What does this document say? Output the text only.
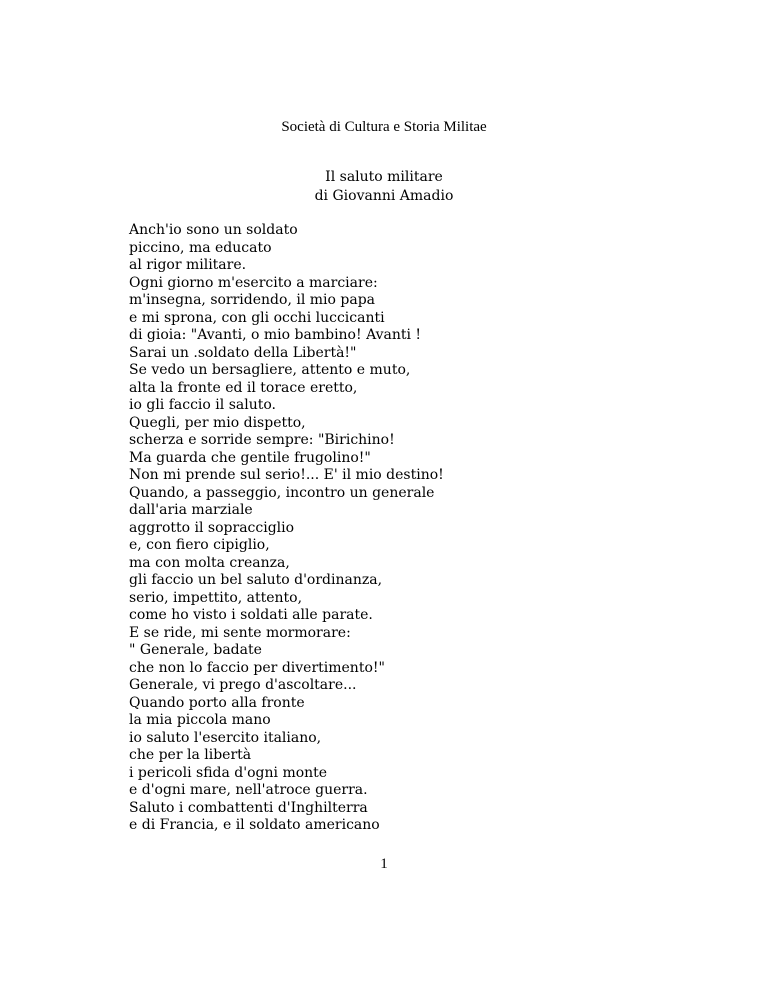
Società di Cultura e Storia Militae
Il saluto militare
di Giovanni Amadio
Anch'io sono un soldato
piccino, ma educato
al rigor militare.
Ogni giorno m'esercito a marciare:
m'insegna, sorridendo, il mio papa
e mi sprona, con gli occhi luccicanti
di gioia: "Avanti, o mio bambino! Avanti !
Sarai un .soldato della Libertà!"
Se vedo un bersagliere, attento e muto,
alta la fronte ed il torace eretto,
io gli faccio il saluto.
Quegli, per mio dispetto,
scherza e sorride sempre: "Birichino!
Ma guarda che gentile frugolino!"
Non mi prende sul serio!... E' il mio destino!
Quando, a passeggio, incontro un generale
dall'aria marziale
aggrotto il sopracciglio
e, con fiero cipiglio,
ma con molta creanza,
gli faccio un bel saluto d'ordinanza,
serio, impettito, attento,
come ho visto i soldati alle parate.
E se ride, mi sente mormorare:
" Generale, badate
che non lo faccio per divertimento!"
Generale, vi prego d'ascoltare...
Quando porto alla fronte
la mia piccola mano
io saluto l'esercito italiano,
che per la libertà
i pericoli sfida d'ogni monte
e d'ogni mare, nell'atroce guerra.
Saluto i combattenti d'Inghilterra
e di Francia, e il soldato americano
1
